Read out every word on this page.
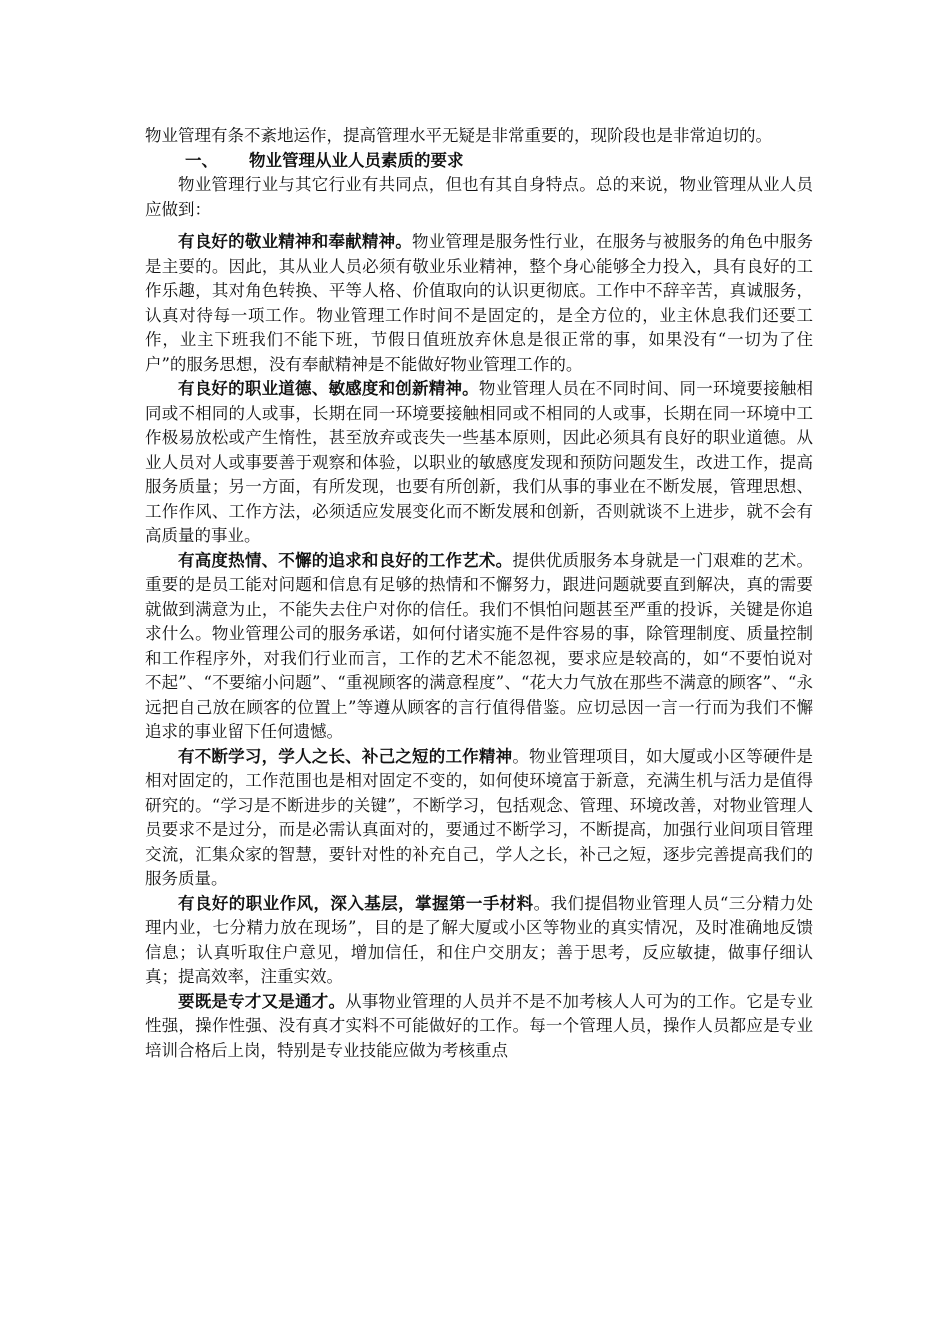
物业管理有条不紊地运作，提高管理水平无疑是非常重要的，现阶段也是非常迫切的。

一、 物业管理从业人员素质的要求

物业管理行业与其它行业有共同点，但也有其自身特点。总的来说，物业管理从业人员应做到：

有良好的敬业精神和奉献精神。物业管理是服务性行业，在服务与被服务的角色中服务是主要的。因此，其从业人员必须有敬业乐业精神，整个身心能够全力投入，具有良好的工作乐趣，其对角色转换、平等人格、价值取向的认识更彻底。工作中不辞辛苦，真诚服务，认真对待每一项工作。物业管理工作时间不是固定的，是全方位的，业主休息我们还要工作，业主下班我们不能下班，节假日值班放弃休息是很正常的事，如果没有“一切为了住户”的服务思想，没有奉献精神是不能做好物业管理工作的。

有良好的职业道德、敏感度和创新精神。物业管理人员在不同时间、同一环境要接触相同或不相同的人或事，长期在同一环境要接触相同或不相同的人或事，长期在同一环境中工作极易放松或产生惰性，甚至放弃或丧失一些基本原则，因此必须具有良好的职业道德。从业人员对人或事要善于观察和体验，以职业的敏感度发现和预防问题发生，改进工作，提高服务质量；另一方面，有所发现，也要有所创新，我们从事的事业在不断发展，管理思想、工作作风、工作方法，必须适应发展变化而不断发展和创新，否则就谈不上进步，就不会有高质量的事业。

有高度热情、不懈的追求和良好的工作艺术。提供优质服务本身就是一门艰难的艺术。重要的是员工能对问题和信息有足够的热情和不懈努力，跟进问题就要直到解决，真的需要就做到满意为止，不能失去住户对你的信任。我们不惧怕问题甚至严重的投诉，关键是你追求什么。物业管理公司的服务承诺，如何付诸实施不是件容易的事，除管理制度、质量控制和工作程序外，对我们行业而言，工作的艺术不能忽视，要求应是较高的，如“不要怕说对不起”、“不要缩小问题”、“重视顾客的满意程度”、“花大力气放在那些不满意的顾客”、“永远把自己放在顾客的位置上”等遵从顾客的言行值得借鉴。应切忌因一言一行而为我们不懈追求的事业留下任何遗憾。

有不断学习，学人之长、补己之短的工作精神。物业管理项目，如大厦或小区等硬件是相对固定的，工作范围也是相对固定不变的，如何使环境富于新意，充满生机与活力是值得研究的。“学习是不断进步的关键”，不断学习，包括观念、管理、环境改善，对物业管理人员要求不是过分，而是必需认真面对的，要通过不断学习，不断提高，加强行业间项目管理交流，汇集众家的智慧，要针对性的补充自己，学人之长，补己之短，逐步完善提高我们的服务质量。

有良好的职业作风，深入基层，掌握第一手材料。我们提倡物业管理人员“三分精力处理内业，七分精力放在现场”，目的是了解大厦或小区等物业的真实情况，及时准确地反馈信息；认真听取住户意见，增加信任，和住户交朋友；善于思考，反应敏捷，做事仔细认真；提高效率，注重实效。

要既是专才又是通才。从事物业管理的人员并不是不加考核人人可为的工作。它是专业性强，操作性强、没有真才实料不可能做好的工作。每一个管理人员，操作人员都应是专业培训合格后上岗，特别是专业技能应做为考核重点
